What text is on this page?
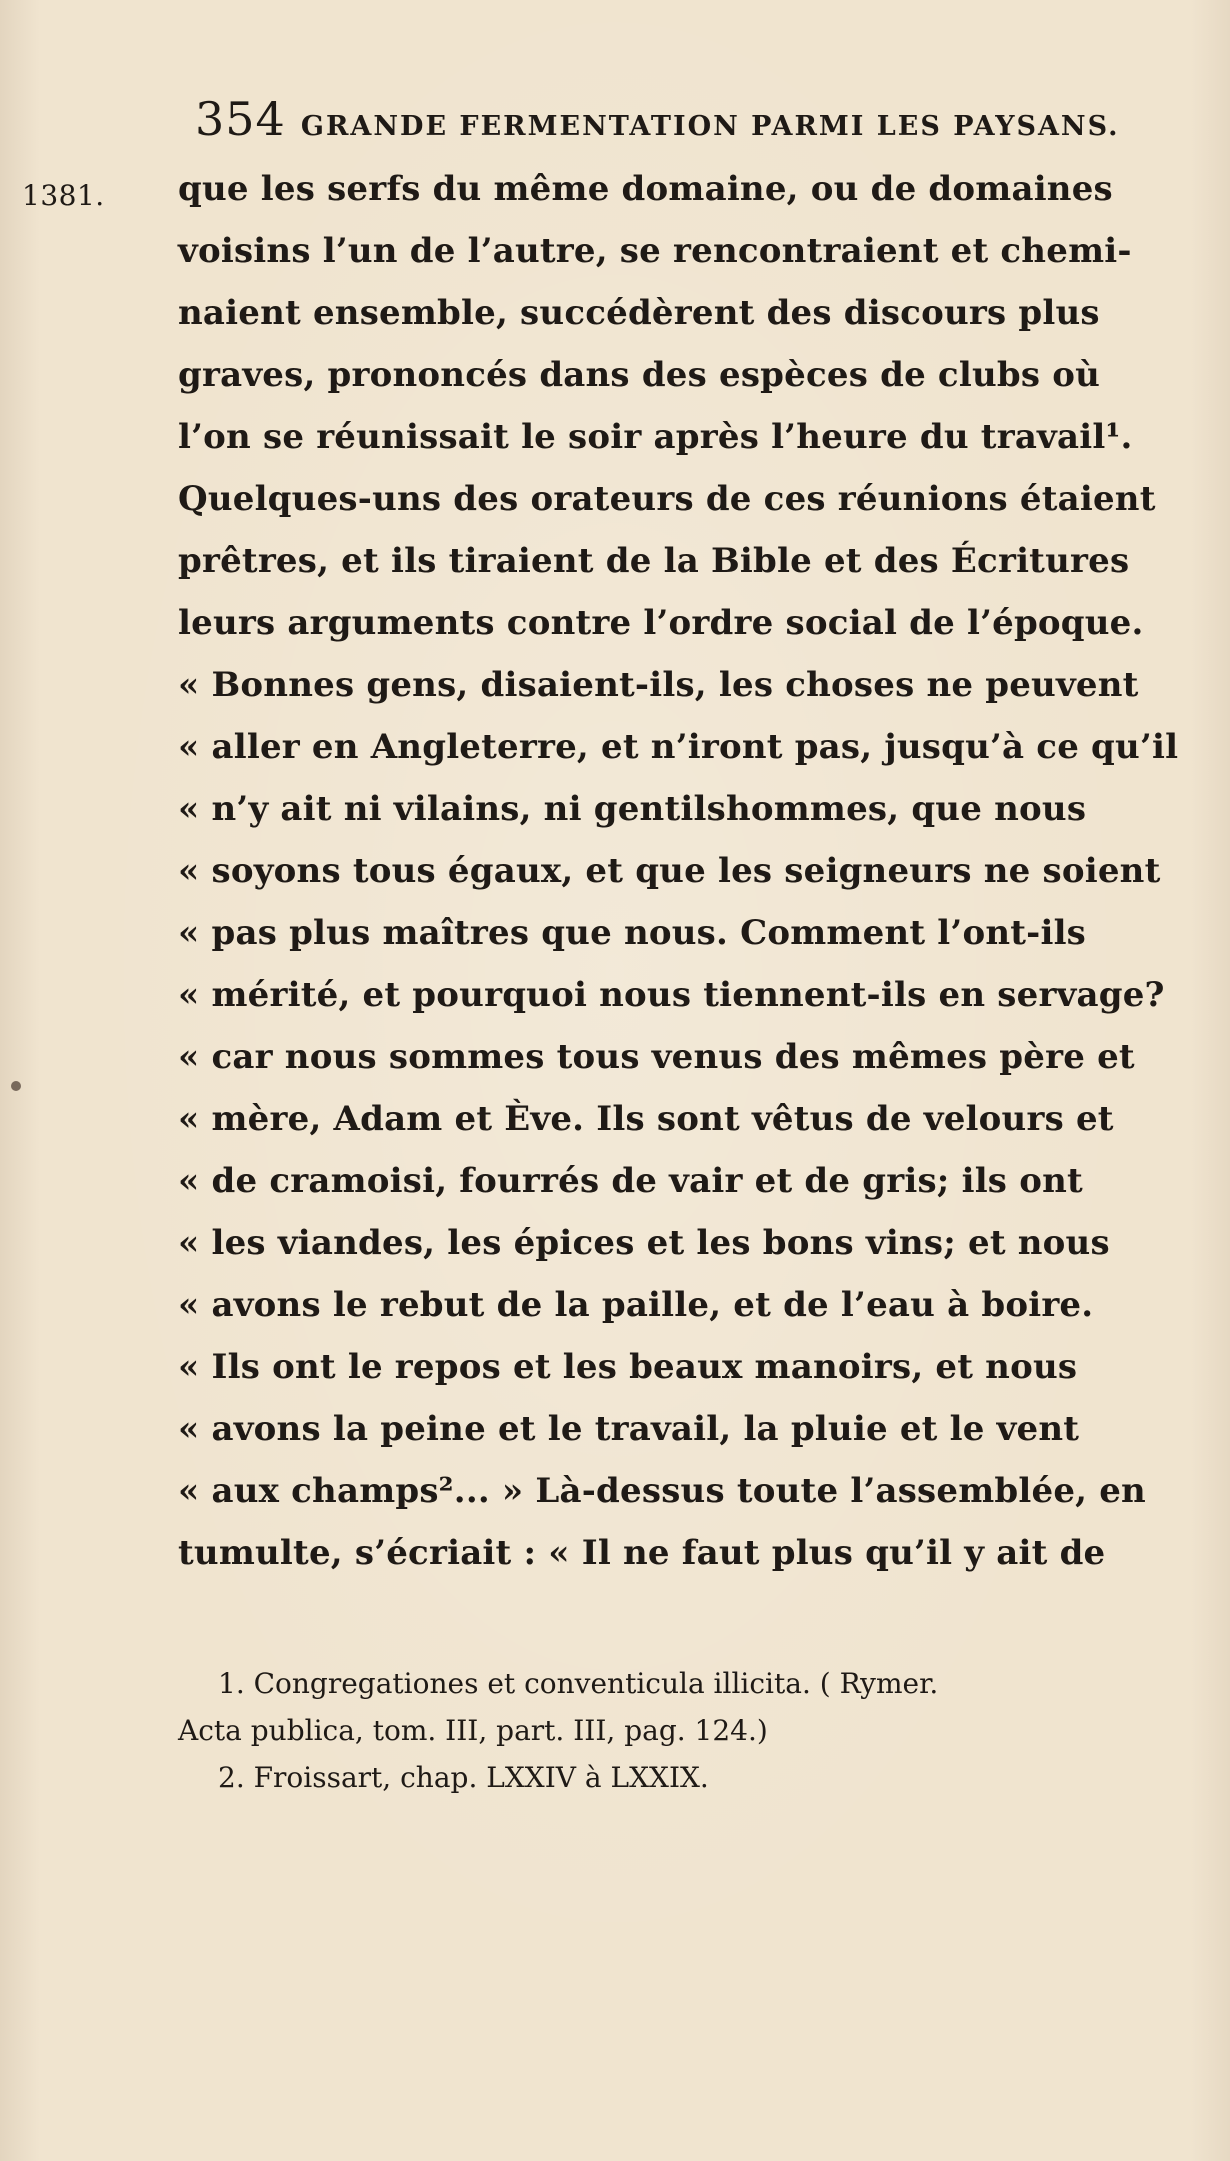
354 GRANDE FERMENTATION PARMI LES PAYSANS.
1381. que les serfs du même domaine, ou de domaines
voisins l’un de l’autre, se rencontraient et chemi-
naient ensemble, succédèrent des discours plus
graves, prononcés dans des espèces de clubs où
l’on se réunissait le soir après l’heure du travail¹.
Quelques-uns des orateurs de ces réunions étaient
prêtres, et ils tiraient de la Bible et des Écritures
leurs arguments contre l’ordre social de l’époque.
« Bonnes gens, disaient-ils, les choses ne peuvent
« aller en Angleterre, et n’iront pas, jusqu’à ce qu’il
« n’y ait ni vilains, ni gentilshommes, que nous
« soyons tous égaux, et que les seigneurs ne soient
« pas plus maîtres que nous. Comment l’ont-ils
« mérité, et pourquoi nous tiennent-ils en servage?
« car nous sommes tous venus des mêmes père et
« mère, Adam et Ève. Ils sont vêtus de velours et
« de cramoisi, fourrés de vair et de gris; ils ont
« les viandes, les épices et les bons vins; et nous
« avons le rebut de la paille, et de l’eau à boire.
« Ils ont le repos et les beaux manoirs, et nous
« avons la peine et le travail, la pluie et le vent
« aux champs²... » Là-dessus toute l’assemblée, en
tumulte, s’écriait : « Il ne faut plus qu’il y ait de
1. Congregationes et conventicula illicita. ( Rymer.
Acta publica, tom. III, part. III, pag. 124.)
2. Froissart, chap. LXXIV à LXXIX.
